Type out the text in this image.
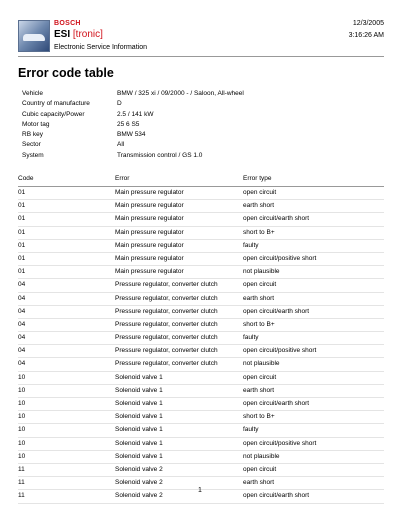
BOSCH
ESI [tronic]
Electronic Service Information
12/3/2005
3:16:26 AM
Error code table
Vehicle	BMW / 325 xi / 09/2000 - / Saloon, All-wheel
Country of manufacture	D
Cubic capacity/Power	2.5 / 141 kW
Motor tag	25 6 S5
RB key	BMW 534
Sector	All
System	Transmission control / GS 1.0
Code	Error	Error type
01	Main pressure regulator	open circuit
01	Main pressure regulator	earth short
01	Main pressure regulator	open circuit/earth short
01	Main pressure regulator	short to B+
01	Main pressure regulator	faulty
01	Main pressure regulator	open circuit/positive short
01	Main pressure regulator	not plausible
04	Pressure regulator, converter clutch	open circuit
04	Pressure regulator, converter clutch	earth short
04	Pressure regulator, converter clutch	open circuit/earth short
04	Pressure regulator, converter clutch	short to B+
04	Pressure regulator, converter clutch	faulty
04	Pressure regulator, converter clutch	open circuit/positive short
04	Pressure regulator, converter clutch	not plausible
10	Solenoid valve 1	open circuit
10	Solenoid valve 1	earth short
10	Solenoid valve 1	open circuit/earth short
10	Solenoid valve 1	short to B+
10	Solenoid valve 1	faulty
10	Solenoid valve 1	open circuit/positive short
10	Solenoid valve 1	not plausible
11	Solenoid valve 2	open circuit
11	Solenoid valve 2	earth short
11	Solenoid valve 2	open circuit/earth short
1
